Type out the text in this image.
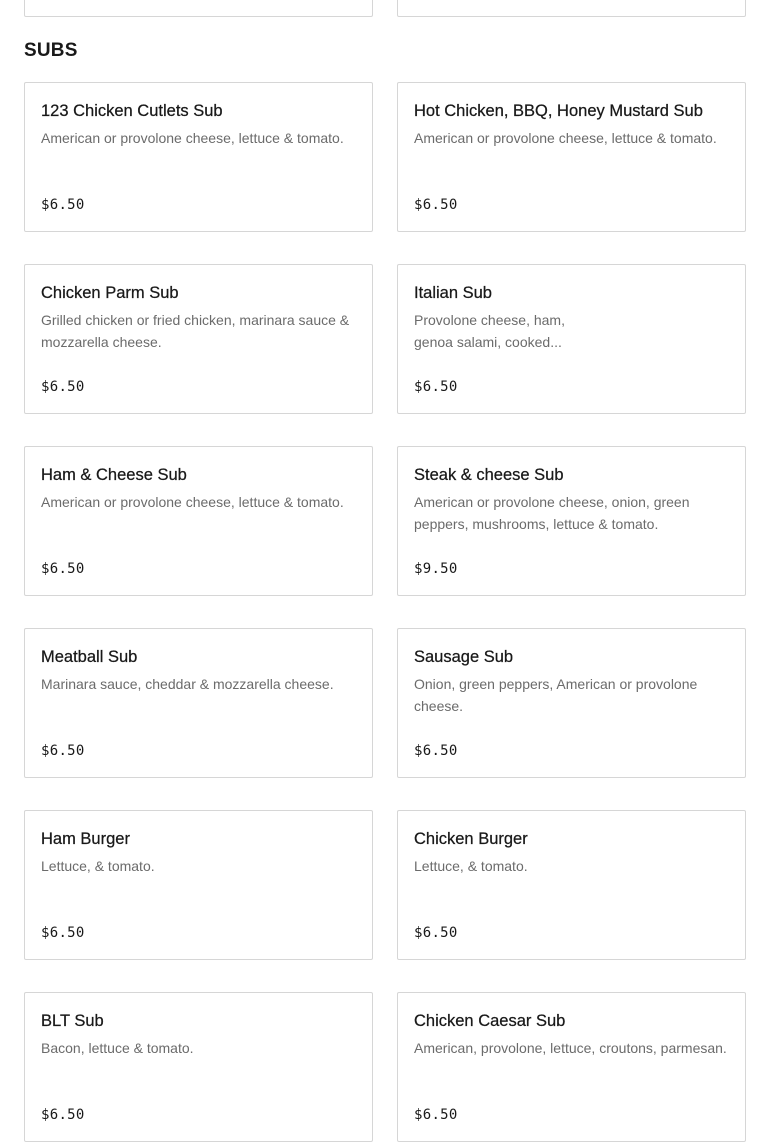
SUBS
123 Chicken Cutlets Sub

American or provolone cheese, lettuce & tomato.

$6.50
Hot Chicken, BBQ, Honey Mustard Sub

American or provolone cheese, lettuce & tomato.

$6.50
Chicken Parm Sub

Grilled chicken or fried chicken, marinara sauce & mozzarella cheese.

$6.50
Italian Sub

Provolone cheese, ham,
genoa salami, cooked...

$6.50
Ham & Cheese Sub

American or provolone cheese, lettuce & tomato.

$6.50
Steak & cheese Sub

American or provolone cheese, onion, green peppers, mushrooms, lettuce & tomato.

$9.50
Meatball Sub

Marinara sauce, cheddar & mozzarella cheese.

$6.50
Sausage Sub

Onion, green peppers, American or provolone cheese.

$6.50
Ham Burger

Lettuce, & tomato.

$6.50
Chicken Burger

Lettuce, & tomato.

$6.50
BLT Sub

Bacon, lettuce & tomato.

$6.50
Chicken Caesar Sub

American, provolone, lettuce, croutons, parmesan.

$6.50
